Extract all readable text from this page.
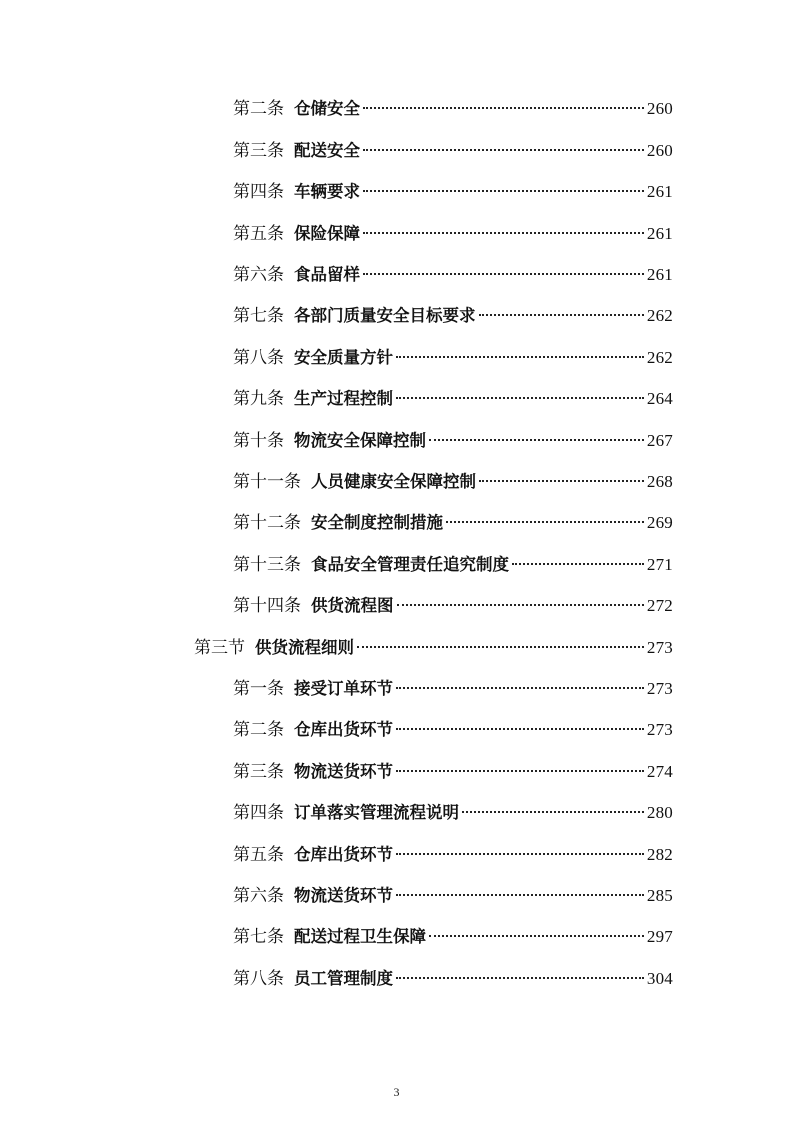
第二条 仓储安全	260
第三条 配送安全	260
第四条 车辆要求	261
第五条 保险保障	261
第六条 食品留样	261
第七条 各部门质量安全目标要求	262
第八条 安全质量方针	262
第九条 生产过程控制	264
第十条 物流安全保障控制	267
第十一条 人员健康安全保障控制	268
第十二条 安全制度控制措施	269
第十三条 食品安全管理责任追究制度	271
第十四条 供货流程图	272
第三节 供货流程细则	273
第一条 接受订单环节	273
第二条 仓库出货环节	273
第三条 物流送货环节	274
第四条 订单落实管理流程说明	280
第五条 仓库出货环节	282
第六条 物流送货环节	285
第七条 配送过程卫生保障	297
第八条 员工管理制度	304
3
